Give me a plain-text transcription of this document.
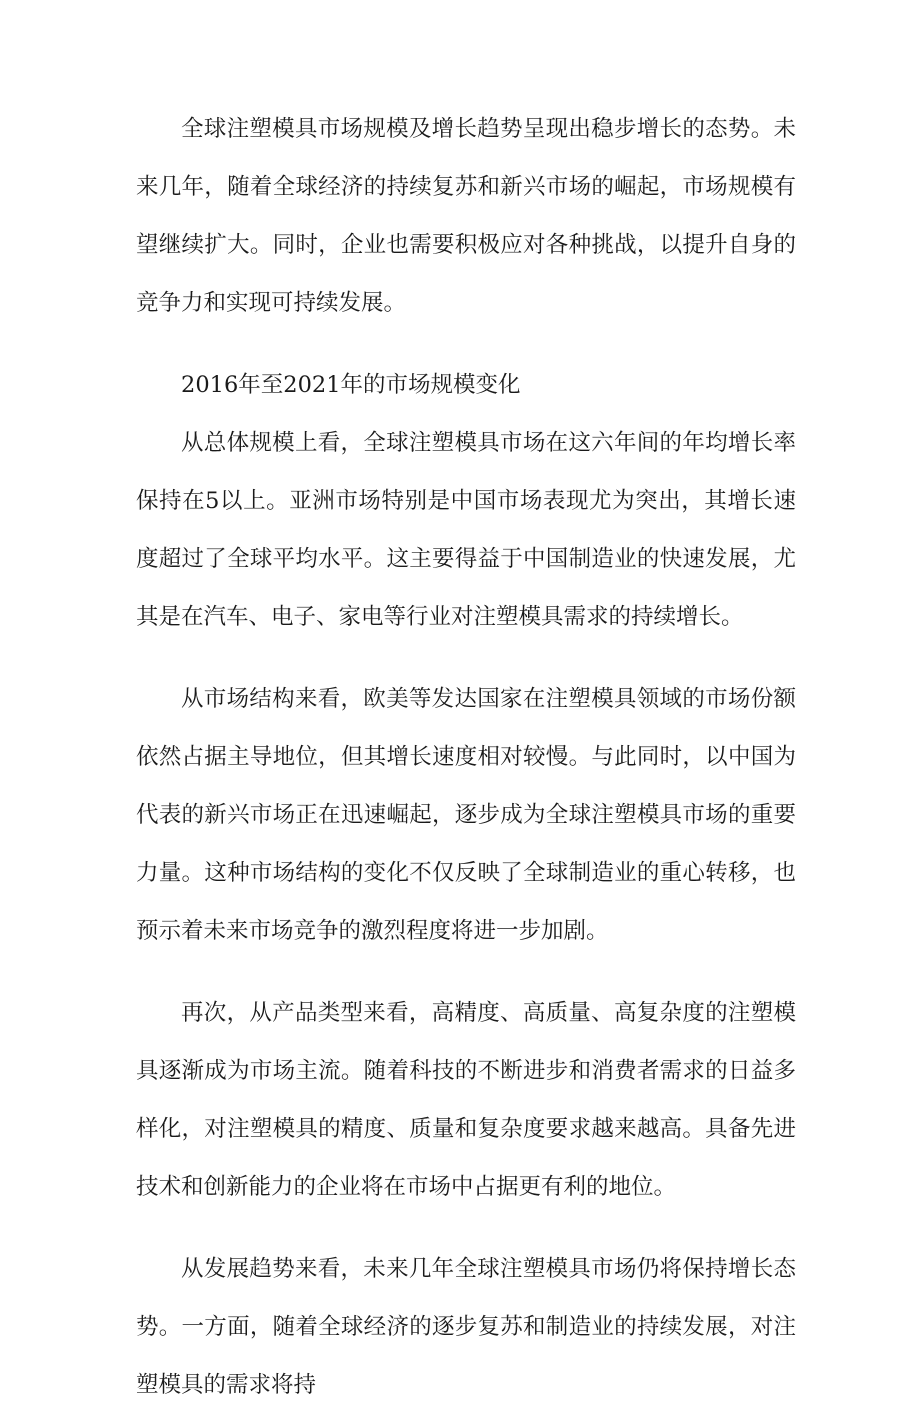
全球注塑模具市场规模及增长趋势呈现出稳步增长的态势。未来几年，随着全球经济的持续复苏和新兴市场的崛起，市场规模有望继续扩大。同时，企业也需要积极应对各种挑战，以提升自身的竞争力和实现可持续发展。

2016年至2021年的市场规模变化

从总体规模上看，全球注塑模具市场在这六年间的年均增长率保持在5以上。亚洲市场特别是中国市场表现尤为突出，其增长速度超过了全球平均水平。这主要得益于中国制造业的快速发展，尤其是在汽车、电子、家电等行业对注塑模具需求的持续增长。

从市场结构来看，欧美等发达国家在注塑模具领域的市场份额依然占据主导地位，但其增长速度相对较慢。与此同时，以中国为代表的新兴市场正在迅速崛起，逐步成为全球注塑模具市场的重要力量。这种市场结构的变化不仅反映了全球制造业的重心转移，也预示着未来市场竞争的激烈程度将进一步加剧。

再次，从产品类型来看，高精度、高质量、高复杂度的注塑模具逐渐成为市场主流。随着科技的不断进步和消费者需求的日益多样化，对注塑模具的精度、质量和复杂度要求越来越高。具备先进技术和创新能力的企业将在市场中占据更有利的地位。

从发展趋势来看，未来几年全球注塑模具市场仍将保持增长态势。一方面，随着全球经济的逐步复苏和制造业的持续发展，对注塑模具的需求将持
